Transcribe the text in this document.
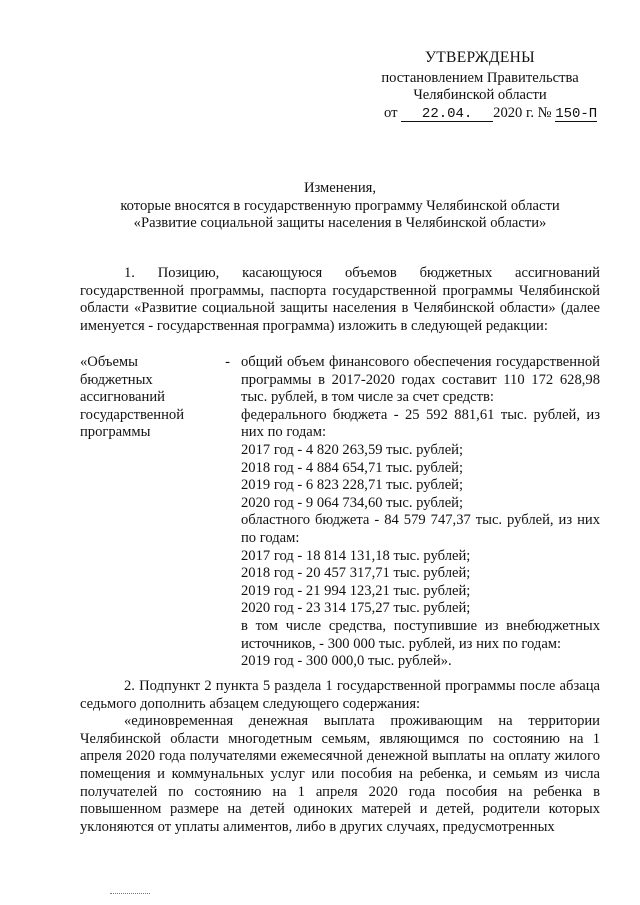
УТВЕРЖДЕНЫ
постановлением Правительства
Челябинской области
от 22.04. 2020 г. № 150-П
Изменения,
которые вносятся в государственную программу Челябинской области
«Развитие социальной защиты населения в Челябинской области»

1. Позицию, касающуюся объемов бюджетных ассигнований государственной программы, паспорта государственной программы Челябинской области «Развитие социальной защиты населения в Челябинской области» (далее именуется - государственная программа) изложить в следующей редакции:

«Объемы	-
бюджетных
ассигнований
государственной
программы

общий объем финансового обеспечения государственной программы в 2017-2020 годах составит 110 172 628,98 тыс. рублей, в том числе за счет средств:

федерального бюджета - 25 592 881,61 тыс. рублей, из них по годам:

2017 год - 4 820 263,59 тыс. рублей;

2018 год - 4 884 654,71 тыс. рублей;

2019 год - 6 823 228,71 тыс. рублей;

2020 год - 9 064 734,60 тыс. рублей;

областного бюджета - 84 579 747,37 тыс. рублей, из них по годам:

2017 год - 18 814 131,18 тыс. рублей;

2018 год - 20 457 317,71 тыс. рублей;

2019 год - 21 994 123,21 тыс. рублей;

2020 год - 23 314 175,27 тыс. рублей;

в том числе средства, поступившие из внебюджетных источников, - 300 000 тыс. рублей, из них по годам:

2019 год - 300 000,0 тыс. рублей».

2. Подпункт 2 пункта 5 раздела 1 государственной программы после абзаца седьмого дополнить абзацем следующего содержания:

«единовременная денежная выплата проживающим на территории Челябинской области многодетным семьям, являющимся по состоянию на 1 апреля 2020 года получателями ежемесячной денежной выплаты на оплату жилого помещения и коммунальных услуг или пособия на ребенка, и семьям из числа получателей по состоянию на 1 апреля 2020 года пособия на ребенка в повышенном размере на детей одиноких матерей и детей, родители которых уклоняются от уплаты алиментов, либо в других случаях, предусмотренных
